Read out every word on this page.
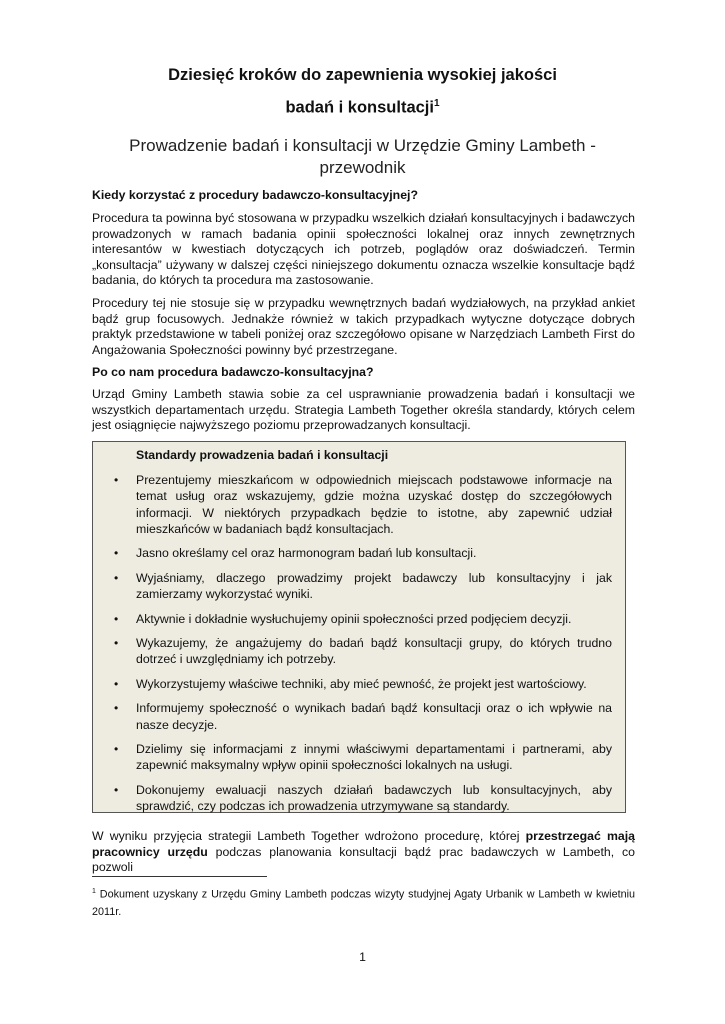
Dziesięć kroków do zapewnienia wysokiej jakości
badań i konsultacji$^1$
Prowadzenie badań i konsultacji w Urzędzie Gminy Lambeth -
przewodnik
Kiedy korzystać z procedury badawczo-konsultacyjnej?
Procedura ta powinna być stosowana w przypadku wszelkich działań konsultacyjnych i badawczych prowadzonych w ramach badania opinii społeczności lokalnej oraz innych zewnętrznych interesantów w kwestiach dotyczących ich potrzeb, poglądów oraz doświadczeń. Termin „konsultacja” używany w dalszej części niniejszego dokumentu oznacza wszelkie konsultacje bądź badania, do których ta procedura ma zastosowanie.
Procedury tej nie stosuje się w przypadku wewnętrznych badań wydziałowych, na przykład ankiet bądź grup focusowych. Jednakże również w takich przypadkach wytyczne dotyczące dobrych praktyk przedstawione w tabeli poniżej oraz szczegółowo opisane w Narzędziach Lambeth First do Angażowania Społeczności powinny być przestrzegane.
Po co nam procedura badawczo-konsultacyjna?
Urząd Gminy Lambeth stawia sobie za cel usprawnianie prowadzenia badań i konsultacji we wszystkich departamentach urzędu. Strategia Lambeth Together określa standardy, których celem jest osiągnięcie najwyższego poziomu przeprowadzanych konsultacji.
Standardy prowadzenia badań i konsultacji
• Prezentujemy mieszkańcom w odpowiednich miejscach podstawowe informacje na temat usług oraz wskazujemy, gdzie można uzyskać dostęp do szczegółowych informacji. W niektórych przypadkach będzie to istotne, aby zapewnić udział mieszkańców w badaniach bądź konsultacjach.
• Jasno określamy cel oraz harmonogram badań lub konsultacji.
• Wyjaśniamy, dlaczego prowadzimy projekt badawczy lub konsultacyjny i jak zamierzamy wykorzystać wyniki.
• Aktywnie i dokładnie wysłuchujemy opinii społeczności przed podjęciem decyzji.
• Wykazujemy, że angażujemy do badań bądź konsultacji grupy, do których trudno dotrzeć i uwzględniamy ich potrzeby.
• Wykorzystujemy właściwe techniki, aby mieć pewność, że projekt jest wartościowy.
• Informujemy społeczność o wynikach badań bądź konsultacji oraz o ich wpływie na nasze decyzje.
• Dzielimy się informacjami z innymi właściwymi departamentami i partnerami, aby zapewnić maksymalny wpływ opinii społeczności lokalnych na usługi.
• Dokonujemy ewaluacji naszych działań badawczych lub konsultacyjnych, aby sprawdzić, czy podczas ich prowadzenia utrzymywane są standardy.
W wyniku przyjęcia strategii Lambeth Together wdrożono procedurę, której przestrzegać mają pracownicy urzędu podczas planowania konsultacji bądź prac badawczych w Lambeth, co pozwoli
$^1$ Dokument uzyskany z Urzędu Gminy Lambeth podczas wizyty studyjnej Agaty Urbanik w Lambeth w kwietniu 2011r.
1
